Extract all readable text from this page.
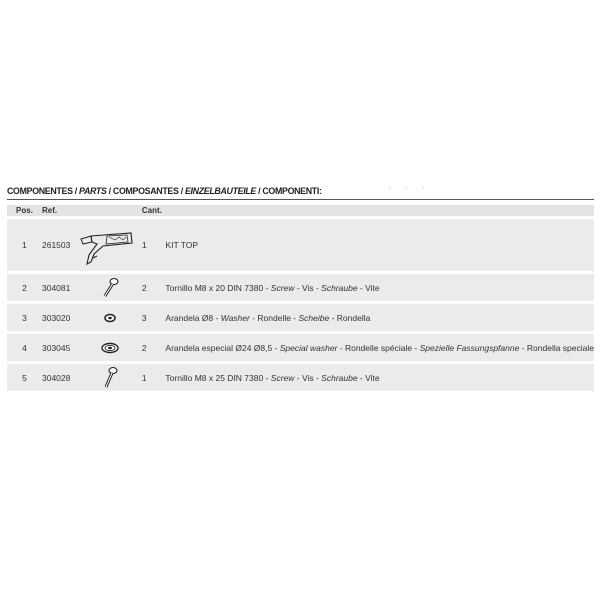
COMPONENTES / PARTS / COMPOSANTES / EINZELBAUTEILE / COMPONENTI:	· · ·
Pos.	Ref.		Cant.	

1	261503		1	KIT TOP

2	304081		2	Tornillo M8 x 20 DIN 7380 - Screw - Vis - Schraube - Vite

3	303020		3	Arandela Ø8 - Washer - Rondelle - Scheibe - Rondella

4	303045		2	Arandela especial Ø24 Ø8,5 - Special washer - Rondelle spéciale - Spezielle Fassungspfanne - Rondella speciale

5	304028		1	Tornillo M8 x 25 DIN 7380 - Screw - Vis - Schraube - Vite
